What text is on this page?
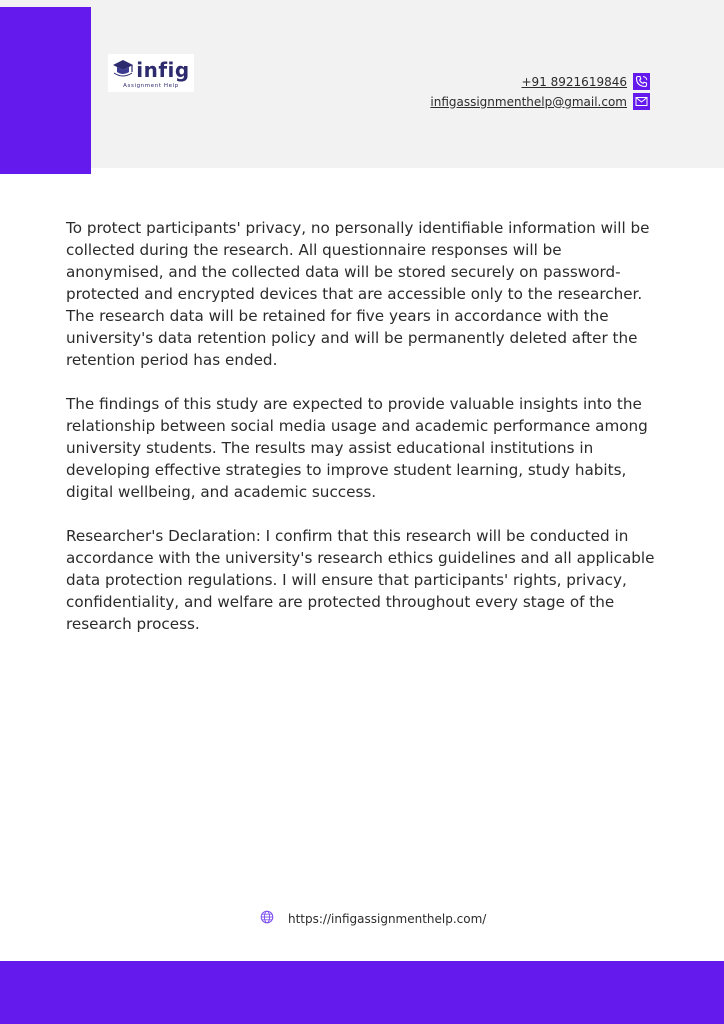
infig
Assignment Help	+91 8921619846
infigassignmenthelp@gmail.com

To protect participants' privacy, no personally identifiable information will be collected during the research. All questionnaire responses will be anonymised, and the collected data will be stored securely on password-protected and encrypted devices that are accessible only to the researcher. The research data will be retained for five years in accordance with the university's data retention policy and will be permanently deleted after the retention period has ended.

The findings of this study are expected to provide valuable insights into the relationship between social media usage and academic performance among university students. The results may assist educational institutions in developing effective strategies to improve student learning, study habits, digital wellbeing, and academic success.

Researcher's Declaration: I confirm that this research will be conducted in accordance with the university's research ethics guidelines and all applicable data protection regulations. I will ensure that participants' rights, privacy, confidentiality, and welfare are protected throughout every stage of the research process.

https://infigassignmenthelp.com/
